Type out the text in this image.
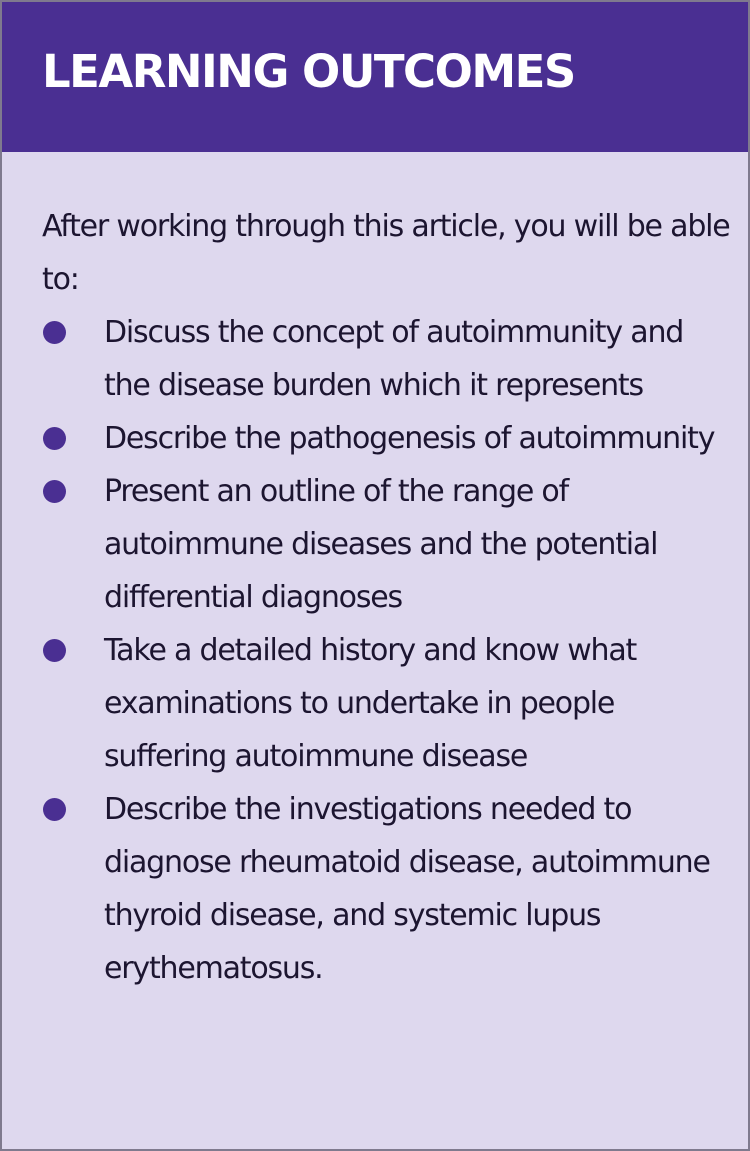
LEARNING OUTCOMES

After working through this article, you will be able to:

Discuss the concept of autoimmunity and the disease burden which it represents
Describe the pathogenesis of autoimmunity
Present an outline of the range of autoimmune diseases and the potential differential diagnoses
Take a detailed history and know what examinations to undertake in people suffering autoimmune disease
Describe the investigations needed to diagnose rheumatoid disease, autoimmune thyroid disease, and systemic lupus erythematosus.
